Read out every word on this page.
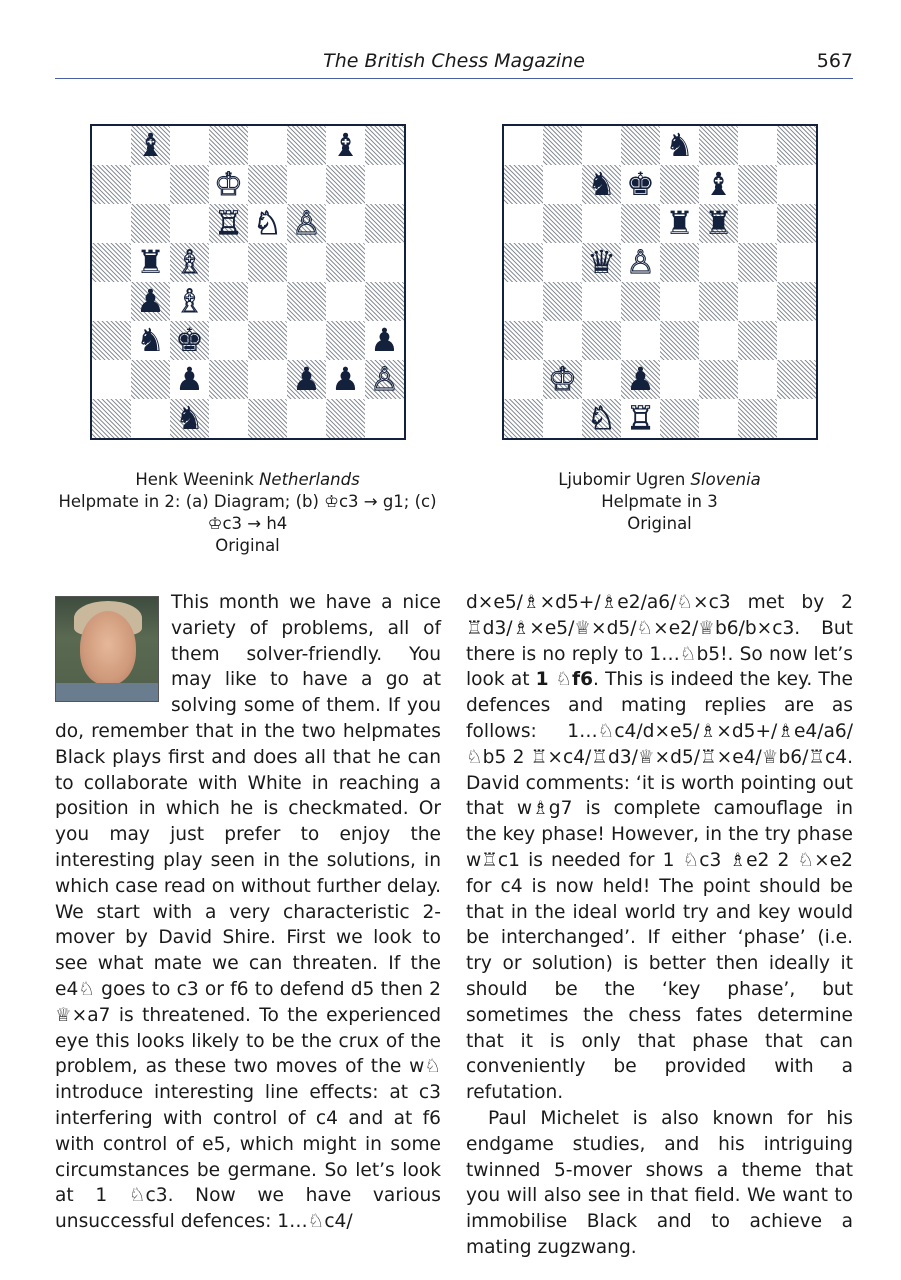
The British Chess Magazine	567
♝	♝
♔
♖ ♘ ♙
♜ ♗
♟ ♗
♞ ♚	♟
♟	♟ ♟ ♙
♞
♞
♞ ♚ ♝
♜ ♜
♛ ♙
♔ ♟
♘ ♖
Henk Weenink Netherlands
Helpmate in 2: (a) Diagram; (b) ♔c3 → g1; (c)
♔c3 → h4
Original
Ljubomir Ugren Slovenia
Helpmate in 3
Original

This month we have a nice variety of problems, all of them solver-friendly. You may like to have a go at solving some of them. If you do, remember that in the two helpmates Black plays first and does all that he can to collaborate with White in reaching a position in which he is checkmated. Or you may just prefer to enjoy the interesting play seen in the solutions, in which case read on without further delay. We start with a very characteristic 2-mover by David Shire. First we look to see what mate we can threaten. If the e4♘ goes to c3 or f6 to defend d5 then 2 ♕×a7 is threatened. To the experienced eye this looks likely to be the crux of the problem, as these two moves of the w♘ introduce interesting line effects: at c3 interfering with control of c4 and at f6 with control of e5, which might in some circumstances be germane. So let’s look at 1 ♘c3. Now we have various unsuccessful defences: 1…♘c4/

d×e5/♗×d5+/♗e2/a6/♘×c3 met by 2 ♖d3/♗×e5/♕×d5/♘×e2/♕b6/b×c3. But there is no reply to 1…♘b5!. So now let’s look at 1 ♘f6. This is indeed the key. The defences and mating replies are as follows: 1…♘c4/d×e5/♗×d5+/♗e4/a6/♘b5 2 ♖×c4/♖d3/♕×d5/♖×e4/♕b6/♖c4. David comments: ‘it is worth pointing out that w♗g7 is complete camouflage in the key phase! However, in the try phase w♖c1 is needed for 1 ♘c3 ♗e2 2 ♘×e2 for c4 is now held! The point should be that in the ideal world try and key would be interchanged’. If either ‘phase’ (i.e. try or solution) is better then ideally it should be the ‘key phase’, but sometimes the chess fates determine that it is only that phase that can conveniently be provided with a refutation.

Paul Michelet is also known for his endgame studies, and his intriguing twinned 5-mover shows a theme that you will also see in that field. We want to immobilise Black and to achieve a mating zugzwang.
